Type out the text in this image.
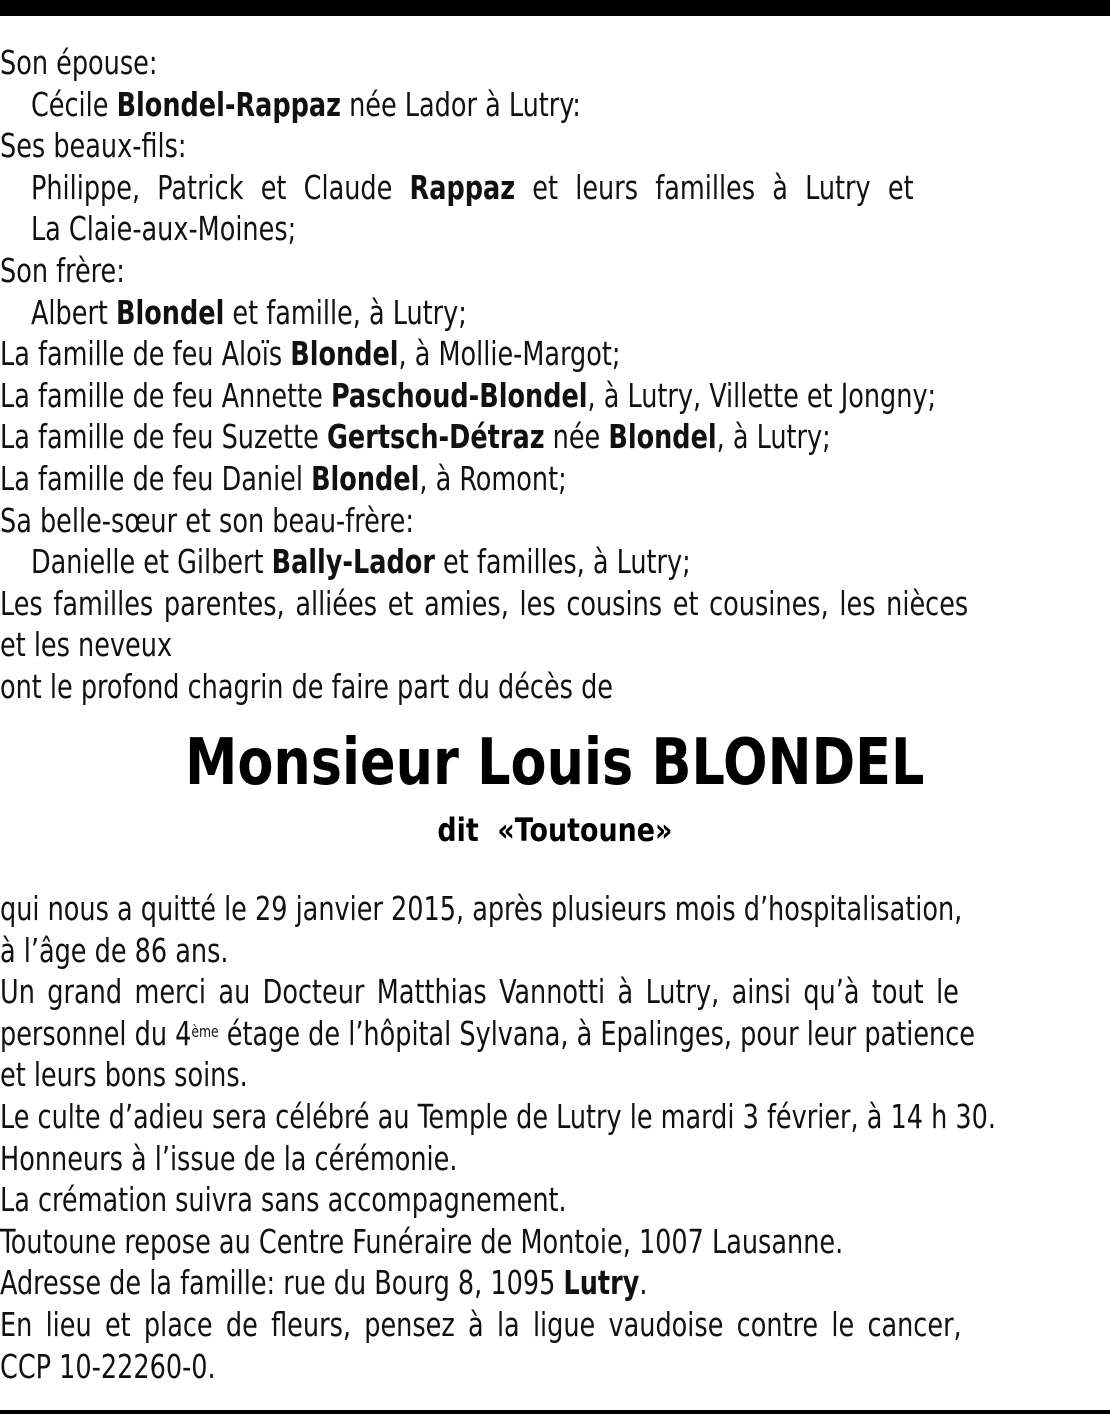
Son épouse:
Cécile Blondel-Rappaz née Lador à Lutry:
Ses beaux-fils:
Philippe, Patrick et Claude Rappaz et leurs familles à Lutry et
La Claie-aux-Moines;
Son frère:
Albert Blondel et famille, à Lutry;
La famille de feu Aloïs Blondel, à Mollie-Margot;
La famille de feu Annette Paschoud-Blondel, à Lutry, Villette et Jongny;
La famille de feu Suzette Gertsch-Détraz née Blondel, à Lutry;
La famille de feu Daniel Blondel, à Romont;
Sa belle-sœur et son beau-frère:
Danielle et Gilbert Bally-Lador et familles, à Lutry;
Les familles parentes, alliées et amies, les cousins et cousines, les nièces
et les neveux
ont le profond chagrin de faire part du décès de
Monsieur Louis BLONDEL
dit  «Toutoune»
qui nous a quitté le 29 janvier 2015, après plusieurs mois d’hospitalisation,
à l’âge de 86 ans.
Un grand merci au Docteur Matthias Vannotti à Lutry, ainsi qu’à tout le
personnel du 4ème étage de l’hôpital Sylvana, à Epalinges, pour leur patience
et leurs bons soins.
Le culte d’adieu sera célébré au Temple de Lutry le mardi 3 février, à 14 h 30.
Honneurs à l’issue de la cérémonie.
La crémation suivra sans accompagnement.
Toutoune repose au Centre Funéraire de Montoie, 1007 Lausanne.
Adresse de la famille: rue du Bourg 8, 1095 Lutry.
En lieu et place de fleurs, pensez à la ligue vaudoise contre le cancer,
CCP 10-22260-0.
